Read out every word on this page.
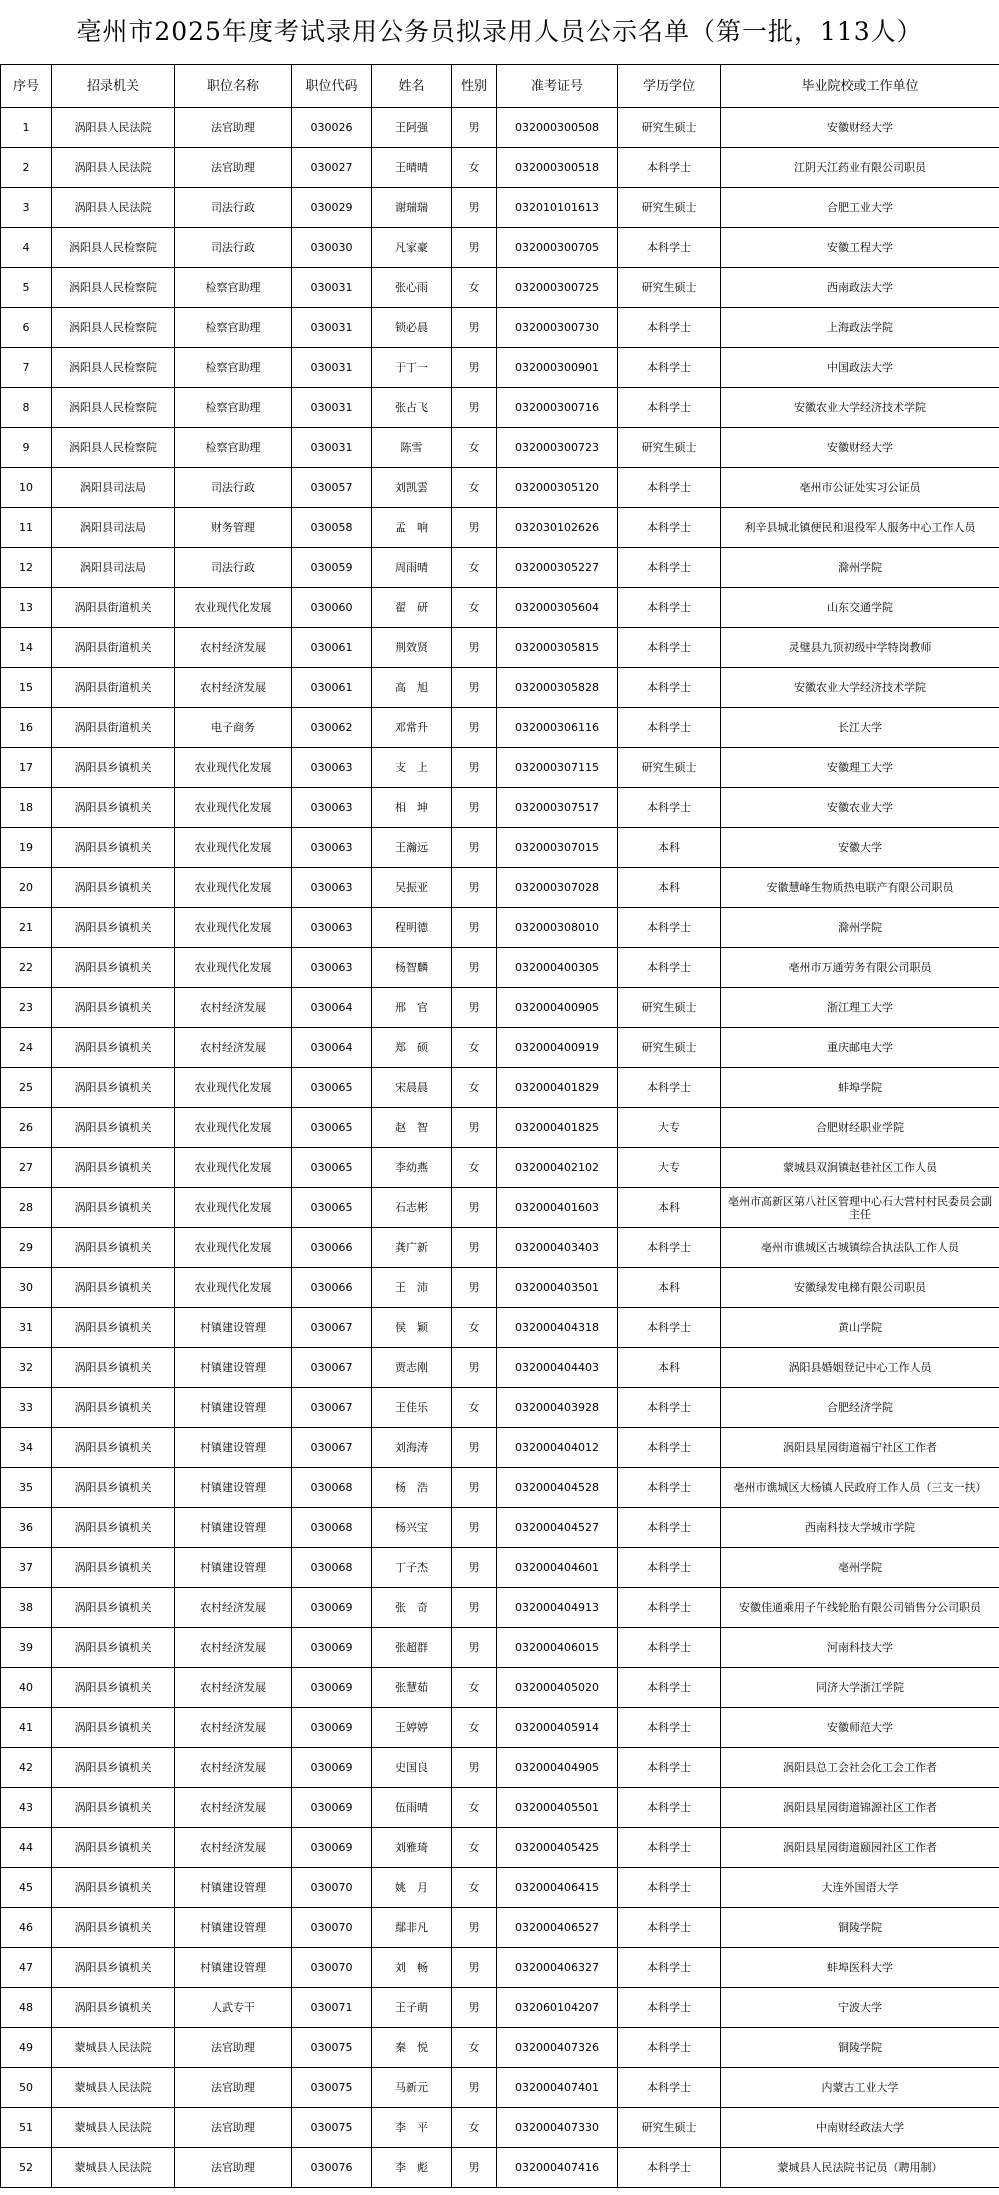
亳州市2025年度考试录用公务员拟录用人员公示名单（第一批，113人）
序号	招录机关	职位名称	职位代码	姓名	性别	准考证号	学历学位	毕业院校或工作单位
1	涡阳县人民法院	法官助理	030026	王阿强	男	032000300508	研究生硕士	安徽财经大学
2	涡阳县人民法院	法官助理	030027	王晴晴	女	032000300518	本科学士	江阴天江药业有限公司职员
3	涡阳县人民法院	司法行政	030029	谢瑞瑞	男	032010101613	研究生硕士	合肥工业大学
4	涡阳县人民检察院	司法行政	030030	凡家豪	男	032000300705	本科学士	安徽工程大学
5	涡阳县人民检察院	检察官助理	030031	张心雨	女	032000300725	研究生硕士	西南政法大学
6	涡阳县人民检察院	检察官助理	030031	锁必晨	男	032000300730	本科学士	上海政法学院
7	涡阳县人民检察院	检察官助理	030031	于丁一	男	032000300901	本科学士	中国政法大学
8	涡阳县人民检察院	检察官助理	030031	张占飞	男	032000300716	本科学士	安徽农业大学经济技术学院
9	涡阳县人民检察院	检察官助理	030031	陈雪	女	032000300723	研究生硕士	安徽财经大学
10	涡阳县司法局	司法行政	030057	刘凯雲	女	032000305120	本科学士	亳州市公证处实习公证员
11	涡阳县司法局	财务管理	030058	孟　响	男	032030102626	本科学士	利辛县城北镇便民和退役军人服务中心工作人员
12	涡阳县司法局	司法行政	030059	周雨晴	女	032000305227	本科学士	滁州学院
13	涡阳县街道机关	农业现代化发展	030060	翟　研	女	032000305604	本科学士	山东交通学院
14	涡阳县街道机关	农村经济发展	030061	荆效贤	男	032000305815	本科学士	灵璧县九顶初级中学特岗教师
15	涡阳县街道机关	农村经济发展	030061	高　旭	男	032000305828	本科学士	安徽农业大学经济技术学院
16	涡阳县街道机关	电子商务	030062	邓常升	男	032000306116	本科学士	长江大学
17	涡阳县乡镇机关	农业现代化发展	030063	支　上	男	032000307115	研究生硕士	安徽理工大学
18	涡阳县乡镇机关	农业现代化发展	030063	相　坤	男	032000307517	本科学士	安徽农业大学
19	涡阳县乡镇机关	农业现代化发展	030063	王瀚远	男	032000307015	本科	安徽大学
20	涡阳县乡镇机关	农业现代化发展	030063	吴振亚	男	032000307028	本科	安徽慧峰生物质热电联产有限公司职员
21	涡阳县乡镇机关	农业现代化发展	030063	程明德	男	032000308010	本科学士	滁州学院
22	涡阳县乡镇机关	农业现代化发展	030063	杨智麟	男	032000400305	本科学士	亳州市万通劳务有限公司职员
23	涡阳县乡镇机关	农村经济发展	030064	邢　官	男	032000400905	研究生硕士	浙江理工大学
24	涡阳县乡镇机关	农村经济发展	030064	郑　硕	女	032000400919	研究生硕士	重庆邮电大学
25	涡阳县乡镇机关	农业现代化发展	030065	宋晨晨	女	032000401829	本科学士	蚌埠学院
26	涡阳县乡镇机关	农业现代化发展	030065	赵　智	男	032000401825	大专	合肥财经职业学院
27	涡阳县乡镇机关	农业现代化发展	030065	李幼燕	女	032000402102	大专	蒙城县双涧镇赵巷社区工作人员
28	涡阳县乡镇机关	农业现代化发展	030065	石志彬	男	032000401603	本科	亳州市高新区第八社区管理中心石大营村村民委员会副主任
29	涡阳县乡镇机关	农业现代化发展	030066	龚广新	男	032000403403	本科学士	亳州市谯城区古城镇综合执法队工作人员
30	涡阳县乡镇机关	农业现代化发展	030066	王　沛	男	032000403501	本科	安徽绿发电梯有限公司职员
31	涡阳县乡镇机关	村镇建设管理	030067	侯　颖	女	032000404318	本科学士	黄山学院
32	涡阳县乡镇机关	村镇建设管理	030067	贾志刚	男	032000404403	本科	涡阳县婚姻登记中心工作人员
33	涡阳县乡镇机关	村镇建设管理	030067	王佳乐	女	032000403928	本科学士	合肥经济学院
34	涡阳县乡镇机关	村镇建设管理	030067	刘海涛	男	032000404012	本科学士	涡阳县星园街道福宁社区工作者
35	涡阳县乡镇机关	村镇建设管理	030068	杨　浩	男	032000404528	本科学士	亳州市谯城区大杨镇人民政府工作人员（三支一扶）
36	涡阳县乡镇机关	村镇建设管理	030068	杨兴宝	男	032000404527	本科学士	西南科技大学城市学院
37	涡阳县乡镇机关	村镇建设管理	030068	丁子杰	男	032000404601	本科学士	亳州学院
38	涡阳县乡镇机关	农村经济发展	030069	张　奇	男	032000404913	本科学士	安徽佳通乘用子午线轮胎有限公司销售分公司职员
39	涡阳县乡镇机关	农村经济发展	030069	张超群	男	032000406015	本科学士	河南科技大学
40	涡阳县乡镇机关	农村经济发展	030069	张慧茹	女	032000405020	本科学士	同济大学浙江学院
41	涡阳县乡镇机关	农村经济发展	030069	王婷婷	女	032000405914	本科学士	安徽师范大学
42	涡阳县乡镇机关	农村经济发展	030069	史国良	男	032000404905	本科学士	涡阳县总工会社会化工会工作者
43	涡阳县乡镇机关	农村经济发展	030069	伍雨晴	女	032000405501	本科学士	涡阳县星园街道锦源社区工作者
44	涡阳县乡镇机关	农村经济发展	030069	刘雅琦	女	032000405425	本科学士	涡阳县星园街道颐园社区工作者
45	涡阳县乡镇机关	村镇建设管理	030070	姚　月	女	032000406415	本科学士	大连外国语大学
46	涡阳县乡镇机关	村镇建设管理	030070	鄢非凡	男	032000406527	本科学士	铜陵学院
47	涡阳县乡镇机关	村镇建设管理	030070	刘　畅	男	032000406327	本科学士	蚌埠医科大学
48	涡阳县乡镇机关	人武专干	030071	王子萌	男	032060104207	本科学士	宁波大学
49	蒙城县人民法院	法官助理	030075	秦　悦	女	032000407326	本科学士	铜陵学院
50	蒙城县人民法院	法官助理	030075	马新元	男	032000407401	本科学士	内蒙古工业大学
51	蒙城县人民法院	法官助理	030075	李　平	女	032000407330	研究生硕士	中南财经政法大学
52	蒙城县人民法院	法官助理	030076	李　彪	男	032000407416	本科学士	蒙城县人民法院书记员（聘用制）
